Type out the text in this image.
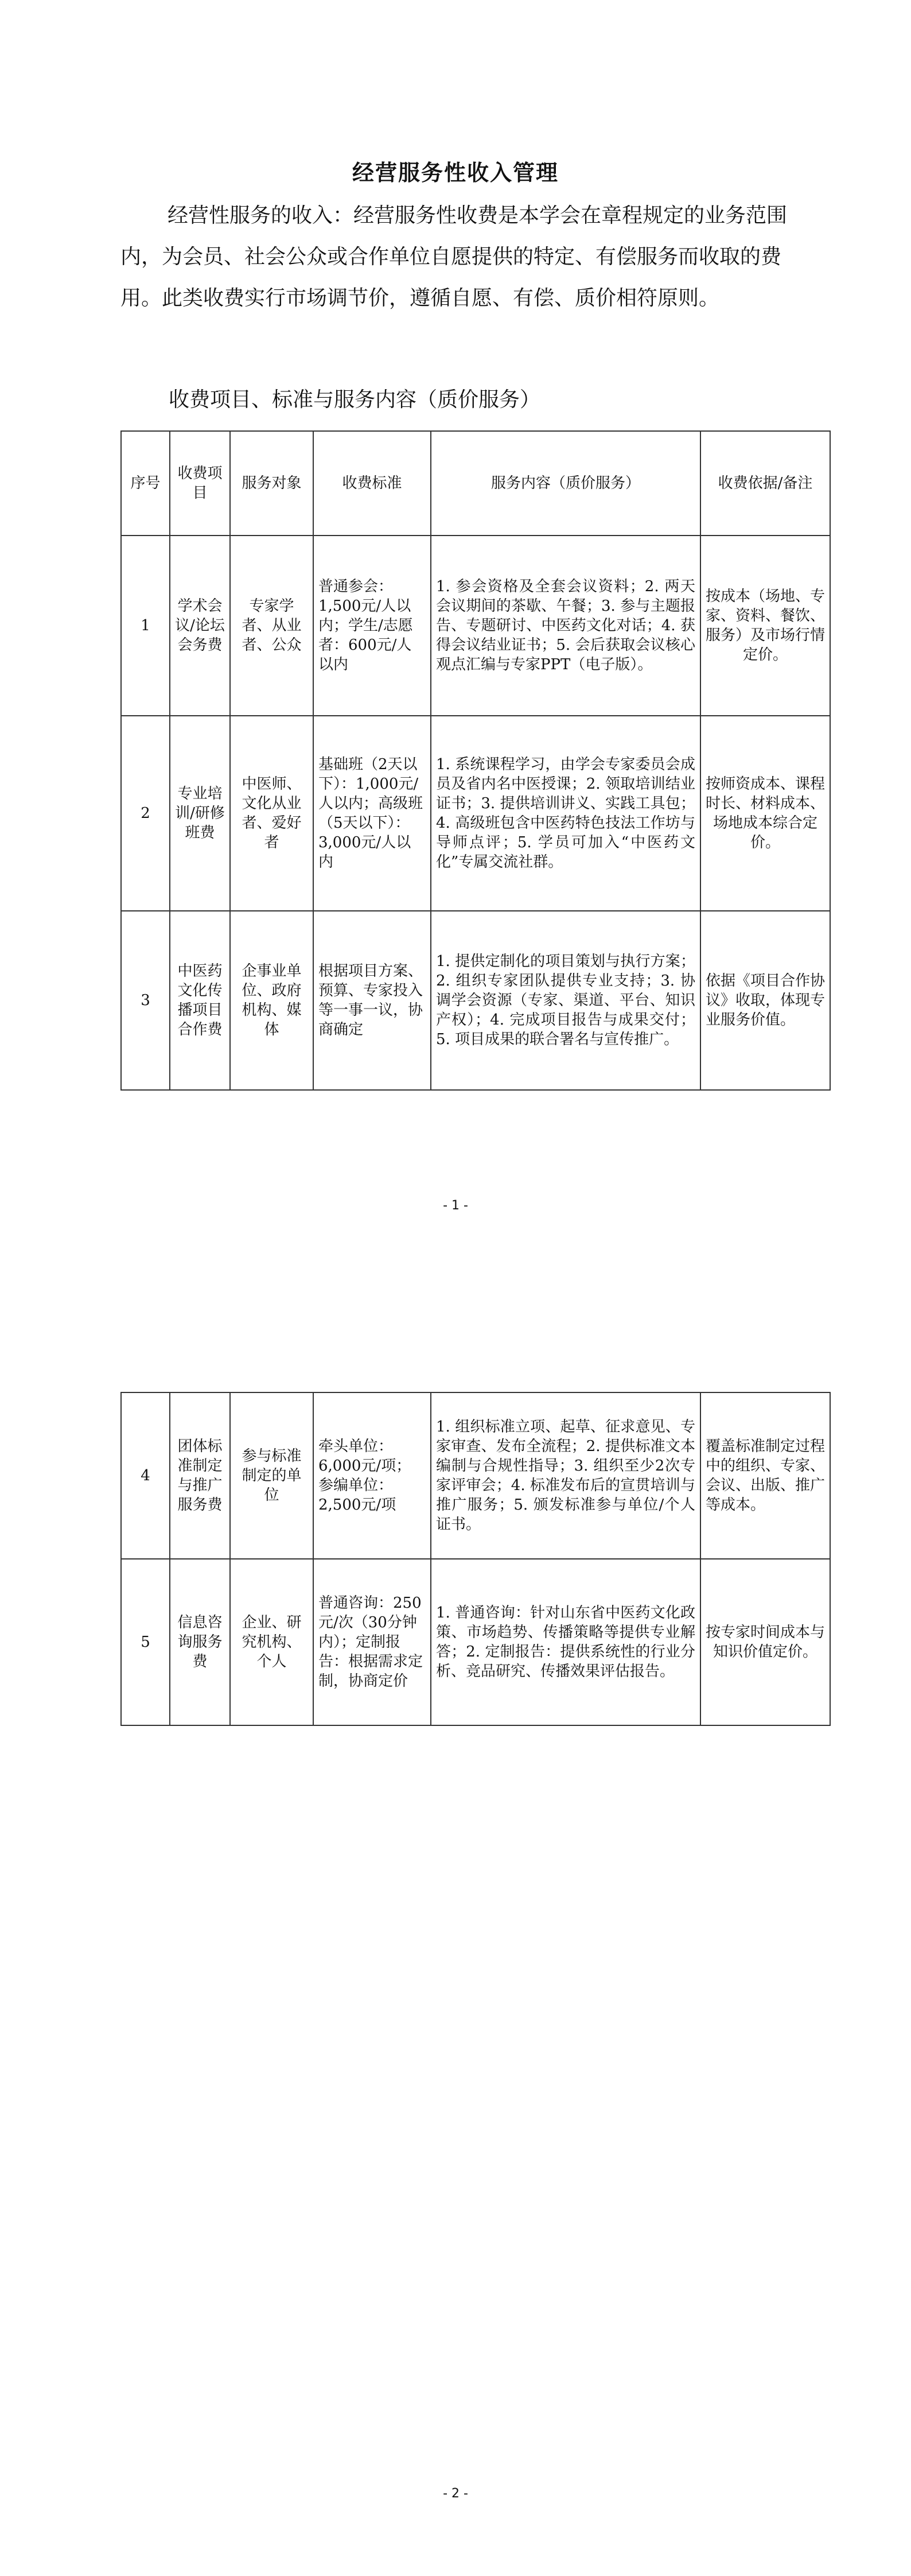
经营服务性收入管理

经营性服务的收入：经营服务性收费是本学会在章程规定的业务范围内，为会员、社会公众或合作单位自愿提供的特定、有偿服务而收取的费用。此类收费实行市场调节价，遵循自愿、有偿、质价相符原则。

收费项目、标准与服务内容（质价服务）

序号	收费项目	服务对象	收费标准	服务内容（质价服务）	收费依据/备注
1	学术会议/论坛会务费	专家学者、从业者、公众	普通参会：1,500元/人以内；学生/志愿者：600元/人以内	1. 参会资格及全套会议资料；2. 两天会议期间的茶歇、午餐；3. 参与主题报告、专题研讨、中医药文化对话；4. 获得会议结业证书；5. 会后获取会议核心观点汇编与专家PPT（电子版）。	按成本（场地、专家、资料、餐饮、服务）及市场行情定价。
2	专业培训/研修班费	中医师、文化从业者、爱好者	基础班（2天以下）：1,000元/人以内；高级班（5天以下）：3,000元/人以内	1. 系统课程学习，由学会专家委员会成员及省内名中医授课；2. 领取培训结业证书；3. 提供培训讲义、实践工具包；4. 高级班包含中医药特色技法工作坊与导师点评；5. 学员可加入“中医药文化”专属交流社群。	按师资成本、课程时长、材料成本、场地成本综合定价。
3	中医药文化传播项目合作费	企事业单位、政府机构、媒体	根据项目方案、预算、专家投入等一事一议，协商确定	1. 提供定制化的项目策划与执行方案；2. 组织专家团队提供专业支持；3. 协调学会资源（专家、渠道、平台、知识产权）；4. 完成项目报告与成果交付；5. 项目成果的联合署名与宣传推广。	依据《项目合作协议》收取，体现专业服务价值。
- 1 -
4	团体标准制定与推广服务费	参与标准制定的单位	牵头单位：6,000元/项；参编单位：2,500元/项	1. 组织标准立项、起草、征求意见、专家审查、发布全流程；2. 提供标准文本编制与合规性指导；3. 组织至少2次专家评审会；4. 标准发布后的宣贯培训与推广服务；5. 颁发标准参与单位/个人证书。	覆盖标准制定过程中的组织、专家、会议、出版、推广等成本。
5	信息咨询服务费	企业、研究机构、个人	普通咨询：250元/次（30分钟内）；定制报告：根据需求定制，协商定价	1. 普通咨询：针对山东省中医药文化政策、市场趋势、传播策略等提供专业解答；2. 定制报告：提供系统性的行业分析、竞品研究、传播效果评估报告。	按专家时间成本与知识价值定价。
- 2 -
